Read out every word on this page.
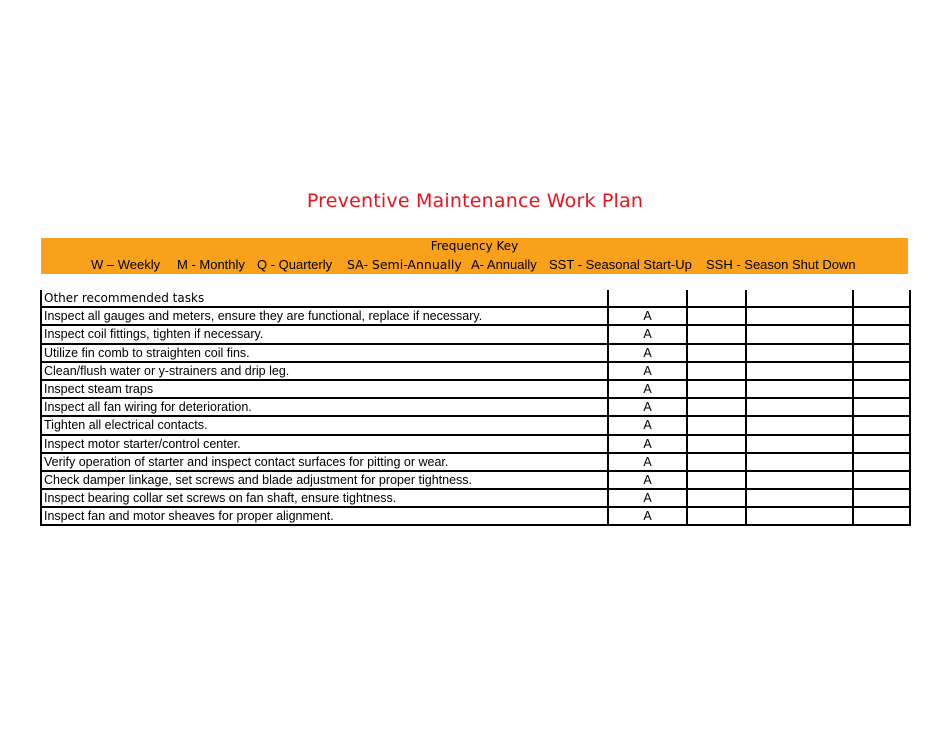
Preventive Maintenance Work Plan
Frequency Key
W – Weekly M - Monthly Q - Quarterly SA- Semi-Annually A- Annually SST - Seasonal Start-Up SSH - Season Shut Down
Other recommended tasks				
Inspect all gauges and meters, ensure they are functional, replace if necessary.	A			
Inspect coil fittings, tighten if necessary.	A			
Utilize fin comb to straighten coil fins.	A			
Clean/flush water or y-strainers and drip leg.	A			
Inspect steam traps	A			
Inspect all fan wiring for deterioration.	A			
Tighten all electrical contacts.	A			
Inspect motor starter/control center.	A			
Verify operation of starter and inspect contact surfaces for pitting or wear.	A			
Check damper linkage, set screws and blade adjustment for proper tightness.	A			
Inspect bearing collar set screws on fan shaft, ensure tightness.	A			
Inspect fan and motor sheaves for proper alignment.	A			
